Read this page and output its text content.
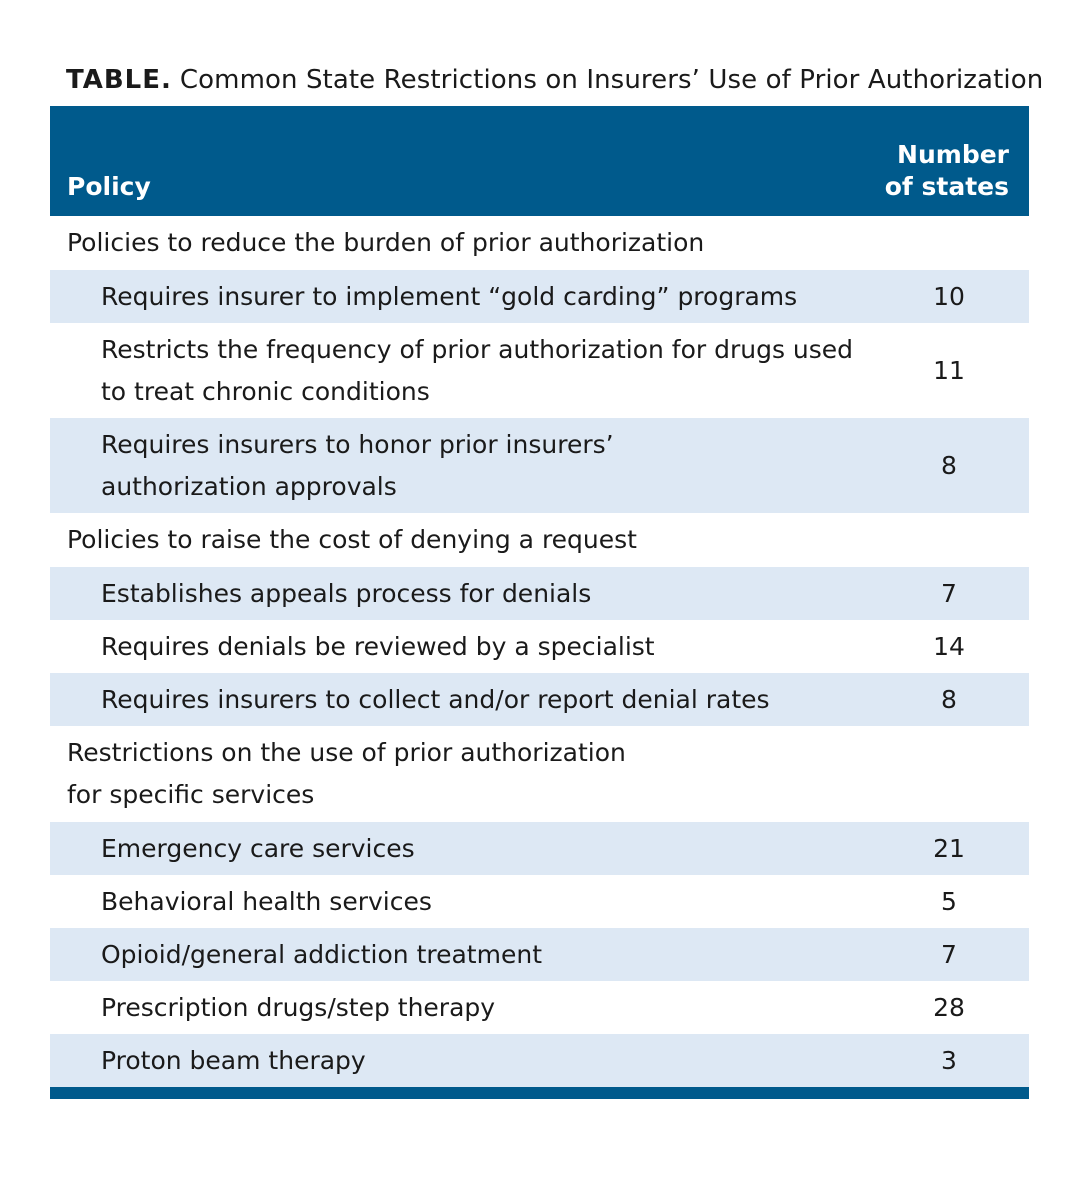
TABLE. Common State Restrictions on Insurers’ Use of Prior Authorization
Policy	Number
of states
Policies to reduce the burden of prior authorization	
Requires insurer to implement “gold carding” programs	10
Restricts the frequency of prior authorization for drugs used to treat chronic conditions	11
Requires insurers to honor prior insurers’ authorization approvals	8
Policies to raise the cost of denying a request	
Establishes appeals process for denials	7
Requires denials be reviewed by a specialist	14
Requires insurers to collect and/or report denial rates	8
Restrictions on the use of prior authorization for specific services	
Emergency care services	21
Behavioral health services	5
Opioid/general addiction treatment	7
Prescription drugs/step therapy	28
Proton beam therapy	3
